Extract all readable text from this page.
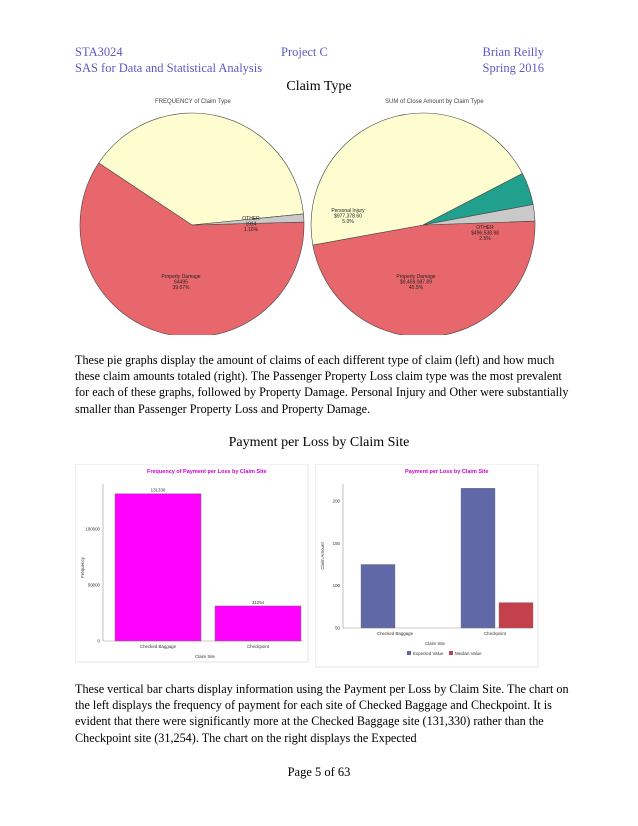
STA3024
SAS for Data and Statistical Analysis
Project C	Brian Reilly
Spring 2016
Claim Type
FREQUENCY of Claim Type
Property Damage
64495
39.07%
OTHER
1914
1.16%
SUM of Close Amount by Claim Type
Property Damage
$9,459,087.89
45.5%
Personal Injury
$977,378.60
5.0%
OTHER
$496,538.98
2.5%
These pie graphs display the amount of claims of each different type of claim (left) and how much these claim amounts totaled (right). The Passenger Property Loss claim type was the most prevalent for each of these graphs, followed by Property Damage. Personal Injury and Other were substantially smaller than Passenger Property Loss and Property Damage.
Payment per Loss by Claim Site
Frequency of Payment per Loss by Claim Site
0
50000
100000
131330
Checked Baggage
31254
Checkpoint
Claim Site
Frequency
Payment per Loss by Claim Site
50
100
150
200
Checked Baggage	Checkpoint
Claim Site
Claim Amount
Expected Value	Median Value
These vertical bar charts display information using the Payment per Loss by Claim Site. The chart on the left displays the frequency of payment for each site of Checked Baggage and Checkpoint. It is evident that there were significantly more at the Checked Baggage site (131,330) rather than the Checkpoint site (31,254). The chart on the right displays the Expected
Page 5 of 63
